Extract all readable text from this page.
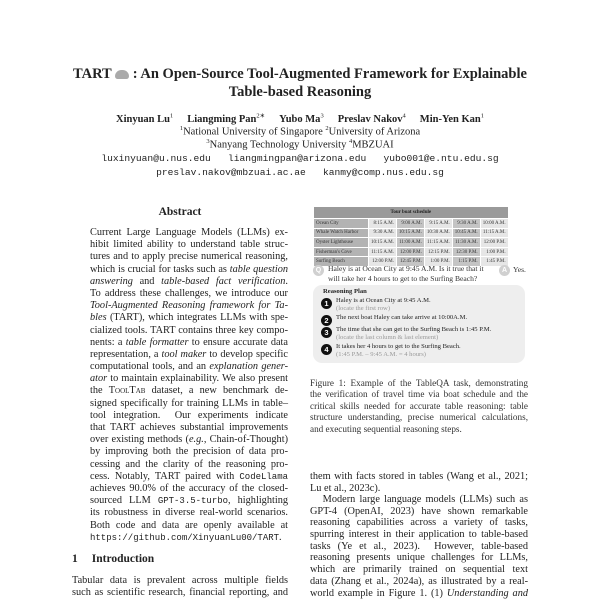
TART : An Open-Source Tool-Augmented Framework for Explainable
Table-based Reasoning
Xinyuan Lu$^1$ Liangming Pan$^{2∗}$ Yubo Ma$^3$ Preslav Nakov$^4$ Min-Yen Kan$^1$
$^1$National University of Singapore $^2$University of Arizona
$^3$Nanyang Technology University $^4$MBZUAI
luxinyuan@u.nus.edu   liangmingpan@arizona.edu   yubo001@e.ntu.edu.sg
preslav.nakov@mbzuai.ac.ae   kanmy@comp.nus.edu.sg
Abstract
Current Large Language Models (LLMs) ex-
hibit limited ability to understand table struc-
tures and to apply precise numerical reasoning,
which is crucial for tasks such as table question
answering and table-based fact verification.
To address these challenges, we introduce our
Tool-Augmented Reasoning framework for Ta-
bles (TART), which integrates LLMs with spe-
cialized tools. TART contains three key compo-
nents: a table formatter to ensure accurate data
representation, a tool maker to develop specific
computational tools, and an explanation gener-
ator to maintain explainability. We also present
the ToolTab dataset, a new benchmark de-
signed specifically for training LLMs in table–
tool integration.  Our experiments indicate
that TART achieves substantial improvements
over existing methods (e.g., Chain-of-Thought)
by improving both the precision of data pro-
cessing and the clarity of the reasoning pro-
cess. Notably, TART paired with CodeLlama
achieves 90.0% of the accuracy of the closed-
sourced LLM GPT-3.5-turbo, highlighting
its robustness in diverse real-world scenarios.
Both code and data are openly available at
https://github.com/XinyuanLu00/TART.
1 Introduction
Tabular data is prevalent across multiple fields
such as scientific research, financial reporting, and
Tour boat schedule					
Ocean City	8:15 A.M.	9:00 A.M.	9:15 A.M.	9:30 A.M.	10:00 A.M.
Whale Watch Harbor	9:30 A.M.	10:15 A.M.	10:30 A.M.	10:45 A.M.	11:15 A.M.
Oyster Lighthouse	10:15 A.M.	11:00 A.M.	11:15 A.M.	11:30 A.M.	12:00 P.M.
Fisherman's Cove	11:15 A.M.	12:00 P.M.	12:15 P.M.	12:30 P.M.	1:00 P.M.
Surfing Beach	12:00 P.M.	12:45 P.M.	1:00 P.M.	1:15 P.M.	1:45 P.M.
Q Haley is at Ocean City at 9:45 A.M. Is it true that it
will take her 4 hours to get to the Surfing Beach?
A Yes.
Reasoning Plan
1	Haley is at Ocean City at 9:45 A.M.
(locate the first row)
2	The next boat Haley can take arrive at 10:00A.M.
3	The time that she can get to the Surfing Beach is 1:45 P.M.
(locate the last column & last element)
4	It takes her 4 hours to get to the Surfing Beach.
(1:45 P.M. – 9:45 A.M. = 4 hours)
Figure 1: Example of the TableQA task, demonstrating
the verification of travel time via boat schedule and the
critical skills needed for accurate table reasoning: table
structure understanding, precise numerical calculations,
and executing sequential reasoning steps.
them with facts stored in tables (Wang et al., 2021;
Lu et al., 2023c).
Modern large language models (LLMs) such as
GPT-4 (OpenAI, 2023) have shown remarkable
reasoning capabilities across a variety of tasks,
spurring interest in their application to table-based
tasks (Ye et al., 2023).  However, table-based
reasoning presents unique challenges for LLMs,
which are primarily trained on sequential text
data (Zhang et al., 2024a), as illustrated by a real-
world example in Figure 1. (1) Understanding and
